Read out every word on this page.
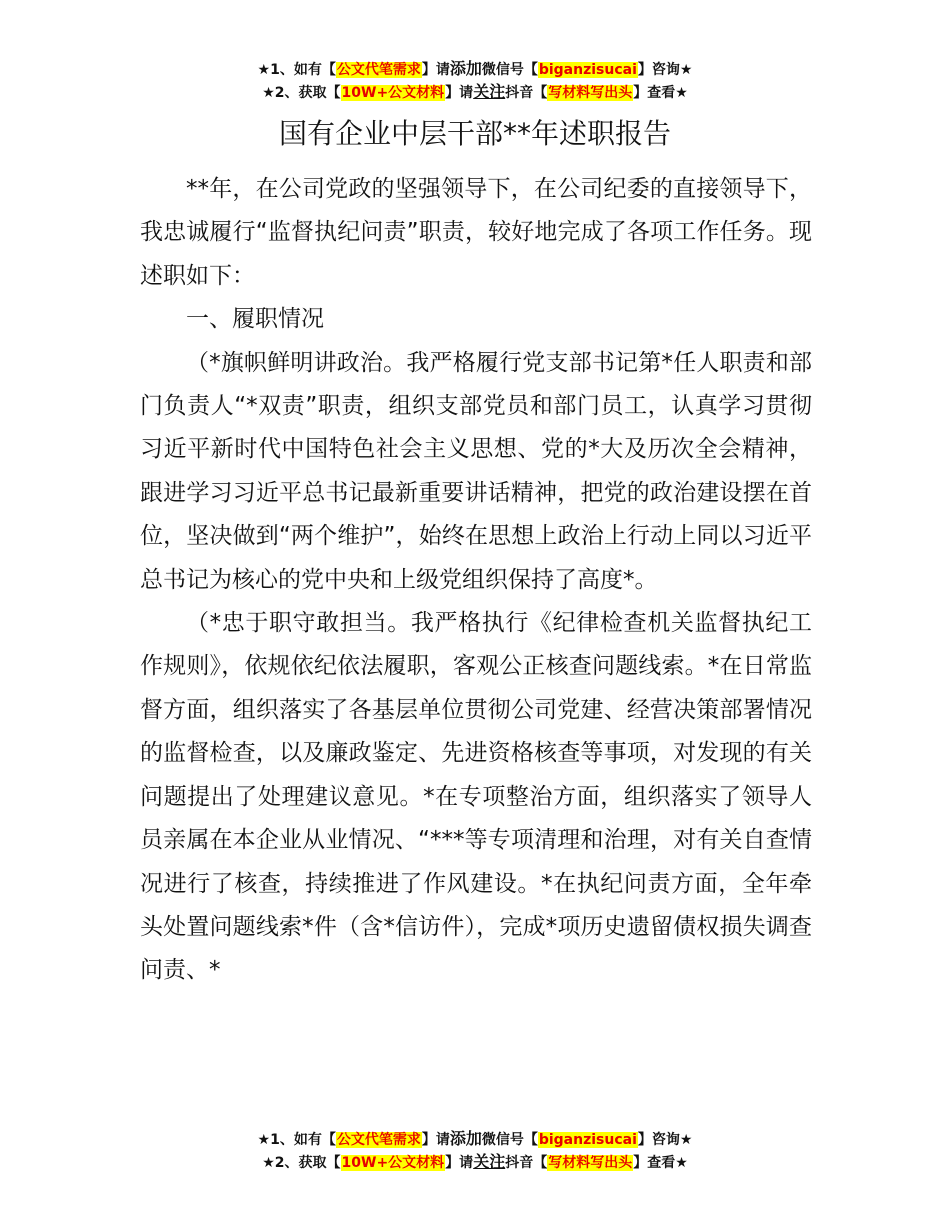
★1、如有【公文代笔需求】请添加微信号【biganzisucai】咨询★
★2、获取【10W+公文材料】请关注抖音【写材料写出头】查看★
国有企业中层干部**年述职报告

**年，在公司党政的坚强领导下，在公司纪委的直接领导下，我忠诚履行“监督执纪问责”职责，较好地完成了各项工作任务。现述职如下：

一、履职情况

（*旗帜鲜明讲政治。我严格履行党支部书记第*任人职责和部门负责人“*双责”职责，组织支部党员和部门员工，认真学习贯彻习近平新时代中国特色社会主义思想、党的*大及历次全会精神，跟进学习习近平总书记最新重要讲话精神，把党的政治建设摆在首位，坚决做到“两个维护”，始终在思想上政治上行动上同以习近平总书记为核心的党中央和上级党组织保持了高度*。

（*忠于职守敢担当。我严格执行《纪律检查机关监督执纪工作规则》，依规依纪依法履职，客观公正核查问题线索。*在日常监督方面，组织落实了各基层单位贯彻公司党建、经营决策部署情况的监督检查，以及廉政鉴定、先进资格核查等事项，对发现的有关问题提出了处理建议意见。*在专项整治方面，组织落实了领导人员亲属在本企业从业情况、“***等专项清理和治理，对有关自查情况进行了核查，持续推进了作风建设。*在执纪问责方面，全年牵头处置问题线索*件（含*信访件），完成*项历史遗留债权损失调查问责、*

★1、如有【公文代笔需求】请添加微信号【biganzisucai】咨询★
★2、获取【10W+公文材料】请关注抖音【写材料写出头】查看★
